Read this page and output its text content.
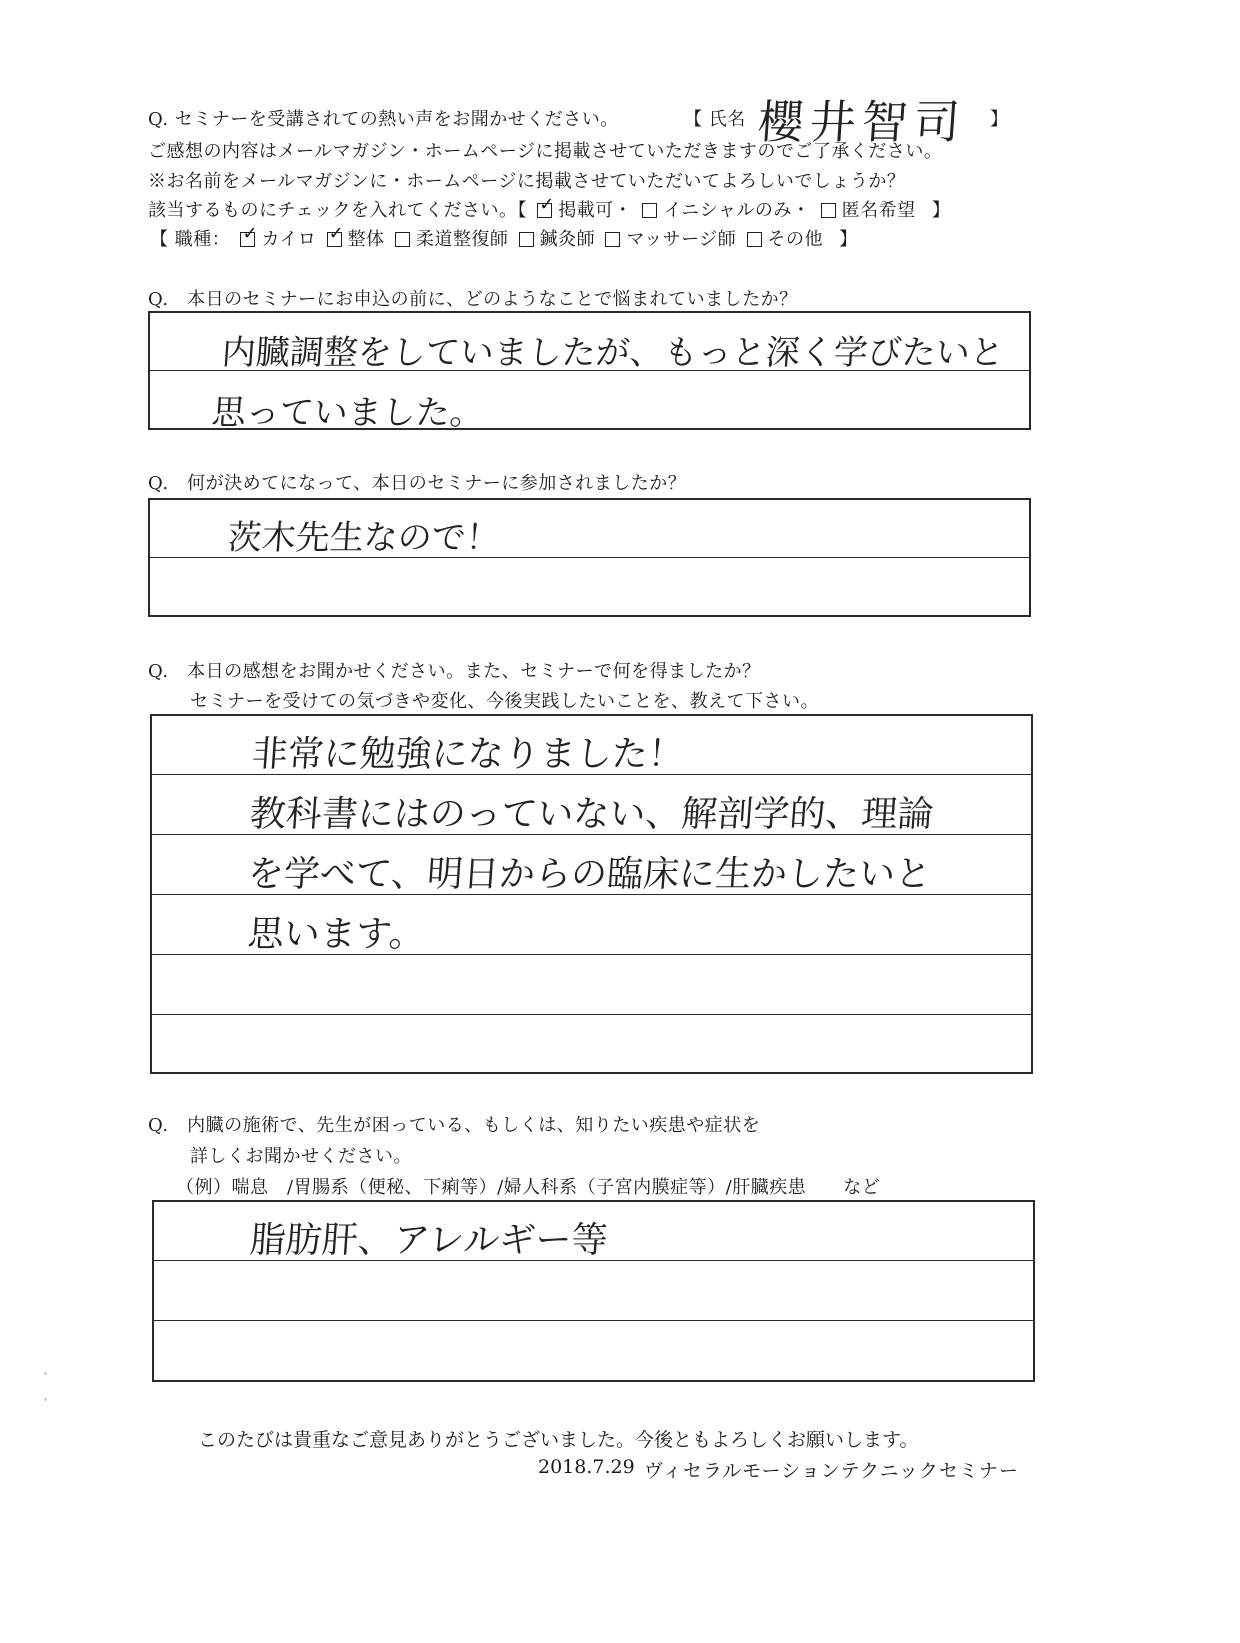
Q. セミナーを受講されての熱い声をお聞かせください。	【 氏名 櫻井智司 】
ご感想の内容はメールマガジン・ホームページに掲載させていただきますのでご了承ください。
※お名前をメールマガジンに・ホームページに掲載させていただいてよろしいでしょうか？
該当するものにチェックを入れてください。【 ✓ 掲載可・ イニシャルのみ・ 匿名希望 】
【 職種： ✓ カイロ ✓ 整体 柔道整復師 鍼灸師 マッサージ師 その他 】
Q.　本日のセミナーにお申込の前に、どのようなことで悩まれていましたか？
内臓調整をしていましたが、もっと深く学びたいと
思っていました。
Q.　何が決めてになって、本日のセミナーに参加されましたか？
茨木先生なので！
Q.　本日の感想をお聞かせください。また、セミナーで何を得ましたか？
セミナーを受けての気づきや変化、今後実践したいことを、教えて下さい。
非常に勉強になりました！
教科書にはのっていない、解剖学的、理論
を学べて、明日からの臨床に生かしたいと
思います。
Q.　内臓の施術で、先生が困っている、もしくは、知りたい疾患や症状を
詳しくお聞かせください。
（例）喘息　/胃腸系（便秘、下痢等）/婦人科系（子宮内膜症等）/肝臓疾患　　など
脂肪肝、アレルギー等
このたびは貴重なご意見ありがとうございました。今後ともよろしくお願いします。
2018.7.29 ヴィセラルモーションテクニックセミナー
